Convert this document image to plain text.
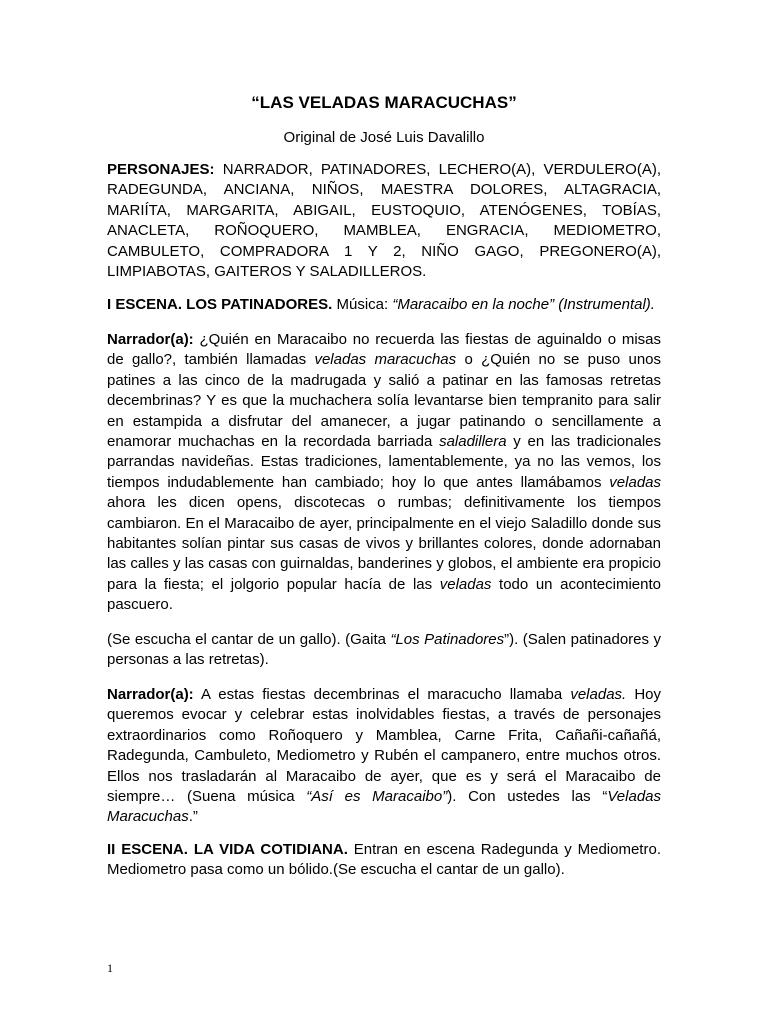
“LAS VELADAS MARACUCHAS”
Original de José Luis Davalillo

PERSONAJES: NARRADOR, PATINADORES, LECHERO(A), VERDULERO(A), RADEGUNDA, ANCIANA, NIÑOS, MAESTRA DOLORES, ALTAGRACIA, MARIÍTA, MARGARITA, ABIGAIL, EUSTOQUIO, ATENÓGENES, TOBÍAS, ANACLETA, ROÑOQUERO, MAMBLEA, ENGRACIA, MEDIOMETRO, CAMBULETO, COMPRADORA 1 Y 2, NIÑO GAGO, PREGONERO(A), LIMPIABOTAS, GAITEROS Y SALADILLEROS.

I ESCENA. LOS PATINADORES. Música: “Maracaibo en la noche” (Instrumental).

Narrador(a): ¿Quién en Maracaibo no recuerda las fiestas de aguinaldo o misas de gallo?, también llamadas veladas maracuchas o ¿Quién no se puso unos patines a las cinco de la madrugada y salió a patinar en las famosas retretas decembrinas? Y es que la muchachera solía levantarse bien tempranito para salir en estampida a disfrutar del amanecer, a jugar patinando o sencillamente a enamorar muchachas en la recordada barriada saladillera y en las tradicionales parrandas navideñas. Estas tradiciones, lamentablemente, ya no las vemos, los tiempos indudablemente han cambiado; hoy lo que antes llamábamos veladas ahora les dicen opens, discotecas o rumbas; definitivamente los tiempos cambiaron. En el Maracaibo de ayer, principalmente en el viejo Saladillo donde sus habitantes solían pintar sus casas de vivos y brillantes colores, donde adornaban las calles y las casas con guirnaldas, banderines y globos, el ambiente era propicio para la fiesta; el jolgorio popular hacía de las veladas todo un acontecimiento pascuero.

(Se escucha el cantar de un gallo). (Gaita “Los Patinadores”). (Salen patinadores y personas a las retretas).

Narrador(a): A estas fiestas decembrinas el maracucho llamaba veladas. Hoy queremos evocar y celebrar estas inolvidables fiestas, a través de personajes extraordinarios como Roñoquero y Mamblea, Carne Frita, Cañañi-cañañá, Radegunda, Cambuleto, Mediometro y Rubén el campanero, entre muchos otros. Ellos nos trasladarán al Maracaibo de ayer, que es y será el Maracaibo de siempre… (Suena música “Así es Maracaibo”). Con ustedes las “Veladas Maracuchas.”

II ESCENA. LA VIDA COTIDIANA. Entran en escena Radegunda y Mediometro. Mediometro pasa como un bólido.(Se escucha el cantar de un gallo).

1
